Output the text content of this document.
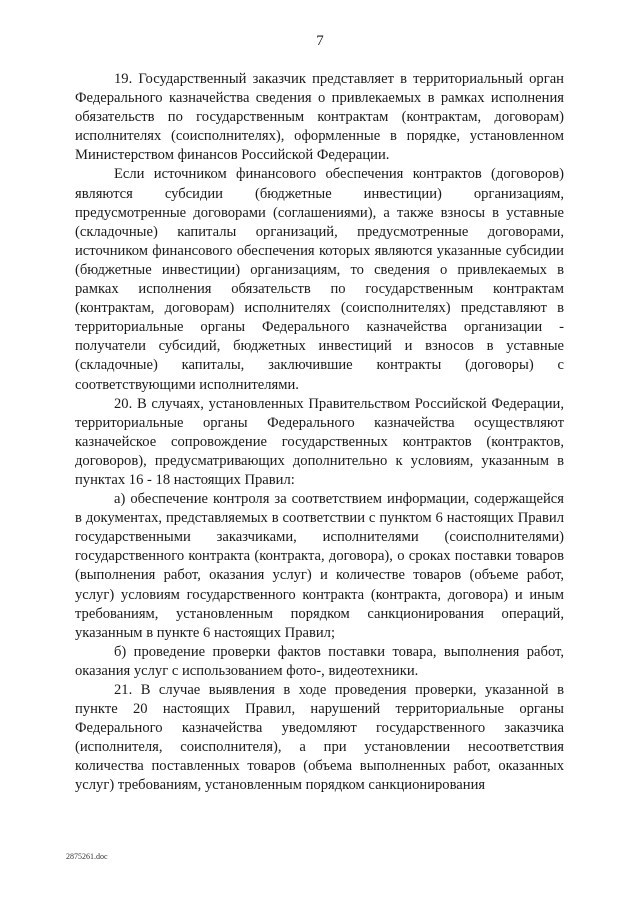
7

19. Государственный заказчик представляет в территориальный орган Федерального казначейства сведения о привлекаемых в рамках исполнения обязательств по государственным контрактам (контрактам, договорам) исполнителях (соисполнителях), оформленные в порядке, установленном Министерством финансов Российской Федерации.

Если источником финансового обеспечения контрактов (договоров) являются субсидии (бюджетные инвестиции) организациям, предусмотренные договорами (соглашениями), а также взносы в уставные (складочные) капиталы организаций, предусмотренные договорами, источником финансового обеспечения которых являются указанные субсидии (бюджетные инвестиции) организациям, то сведения о привлекаемых в рамках исполнения обязательств по государственным контрактам (контрактам, договорам) исполнителях (соисполнителях) представляют в территориальные органы Федерального казначейства организации - получатели субсидий, бюджетных инвестиций и взносов в уставные (складочные) капиталы, заключившие контракты (договоры) с соответствующими исполнителями.

20. В случаях, установленных Правительством Российской Федерации, территориальные органы Федерального казначейства осуществляют казначейское сопровождение государственных контрактов (контрактов, договоров), предусматривающих дополнительно к условиям, указанным в пунктах 16 - 18 настоящих Правил:

а) обеспечение контроля за соответствием информации, содержащейся в документах, представляемых в соответствии с пунктом 6 настоящих Правил государственными заказчиками, исполнителями (соисполнителями) государственного контракта (контракта, договора), о сроках поставки товаров (выполнения работ, оказания услуг) и количестве товаров (объеме работ, услуг) условиям государственного контракта (контракта, договора) и иным требованиям, установленным порядком санкционирования операций, указанным в пункте 6 настоящих Правил;

б) проведение проверки фактов поставки товара, выполнения работ, оказания услуг с использованием фото-, видеотехники.

21. В случае выявления в ходе проведения проверки, указанной в пункте 20 настоящих Правил, нарушений территориальные органы Федерального казначейства уведомляют государственного заказчика (исполнителя, соисполнителя), а при установлении несоответствия количества поставленных товаров (объема выполненных работ, оказанных услуг) требованиям, установленным порядком санкционирования

2875261.doc
